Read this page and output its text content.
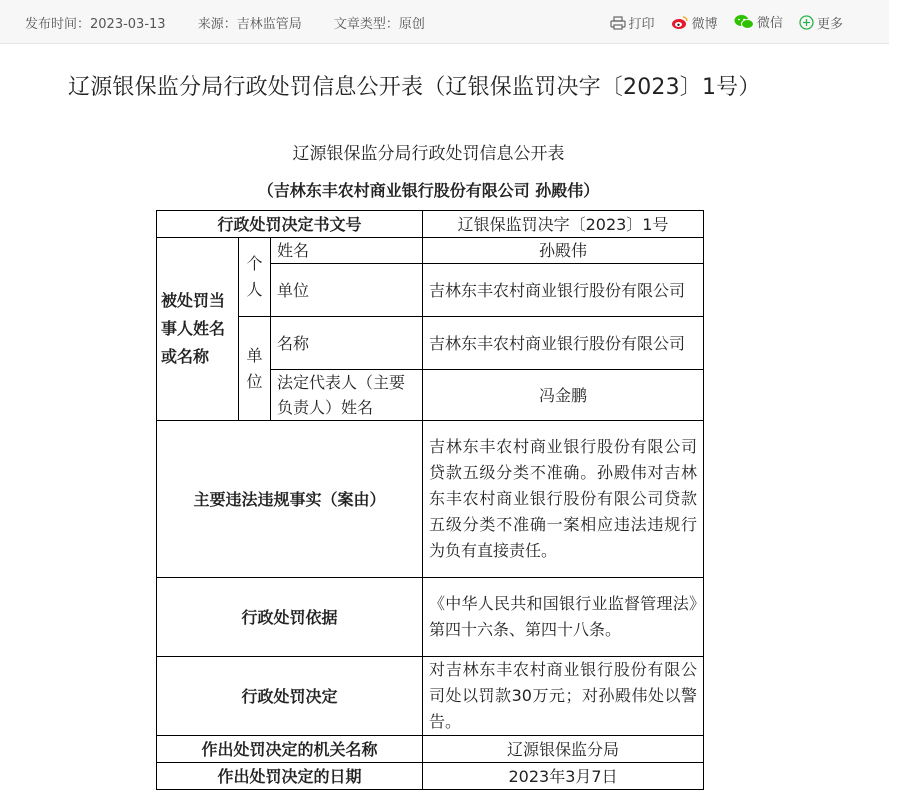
发布时间：2023-03-13 来源：吉林监管局 文章类型：原创	打印
	微博
	微信
	更多
辽源银保监分局行政处罚信息公开表（辽银保监罚决字〔2023〕1号）
辽源银保监分局行政处罚信息公开表
（吉林东丰农村商业银行股份有限公司 孙殿伟）
行政处罚决定书文号			辽银保监罚决字〔2023〕1号
被处罚当事人姓名或名称	个人	姓名	孙殿伟
		单位	吉林东丰农村商业银行股份有限公司
	单位	名称	吉林东丰农村商业银行股份有限公司
		法定代表人（主要负责人）姓名	冯金鹏
主要违法违规事实（案由）			吉林东丰农村商业银行股份有限公司贷款五级分类不准确。孙殿伟对吉林东丰农村商业银行股份有限公司贷款五级分类不准确一案相应违法违规行为负有直接责任。
行政处罚依据			《中华人民共和国银行业监督管理法》第四十六条、第四十八条。
行政处罚决定			对吉林东丰农村商业银行股份有限公司处以罚款30万元；对孙殿伟处以警告。
作出处罚决定的机关名称			辽源银保监分局
作出处罚决定的日期			2023年3月7日
